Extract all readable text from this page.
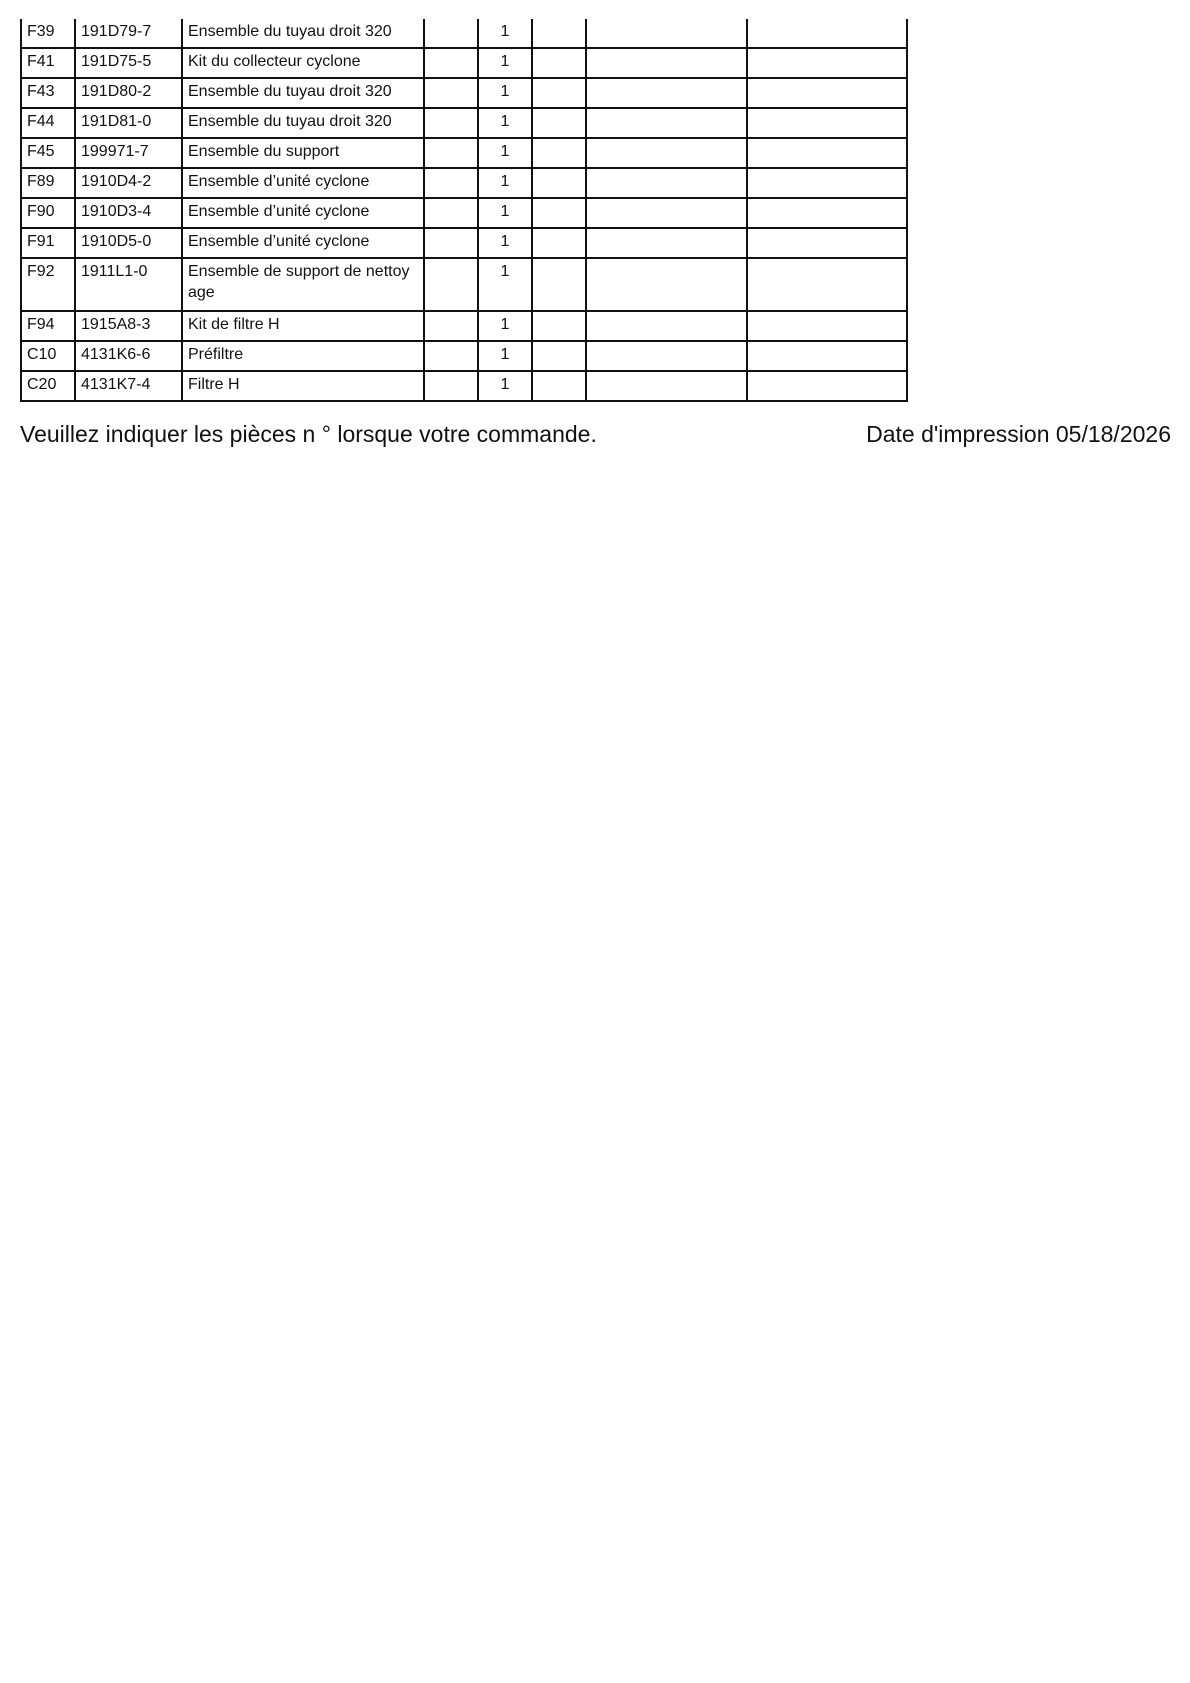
F39	191D79-7	Ensemble du tuyau droit 320		1			
F41	191D75-5	Kit du collecteur cyclone		1			
F43	191D80-2	Ensemble du tuyau droit 320		1			
F44	191D81-0	Ensemble du tuyau droit 320		1			
F45	199971-7	Ensemble du support		1			
F89	1910D4-2	Ensemble d’unité cyclone		1			
F90	1910D3-4	Ensemble d’unité cyclone		1			
F91	1910D5-0	Ensemble d’unité cyclone		1			
F92	1911L1-0	Ensemble de support de nettoyage		1			
F94	1915A8-3	Kit de filtre H		1			
C10	4131K6-6	Préfiltre		1			
C20	4131K7-4	Filtre H		1			
Veuillez indiquer les pièces n ° lorsque votre commande.	Date d'impression 05/18/2026
